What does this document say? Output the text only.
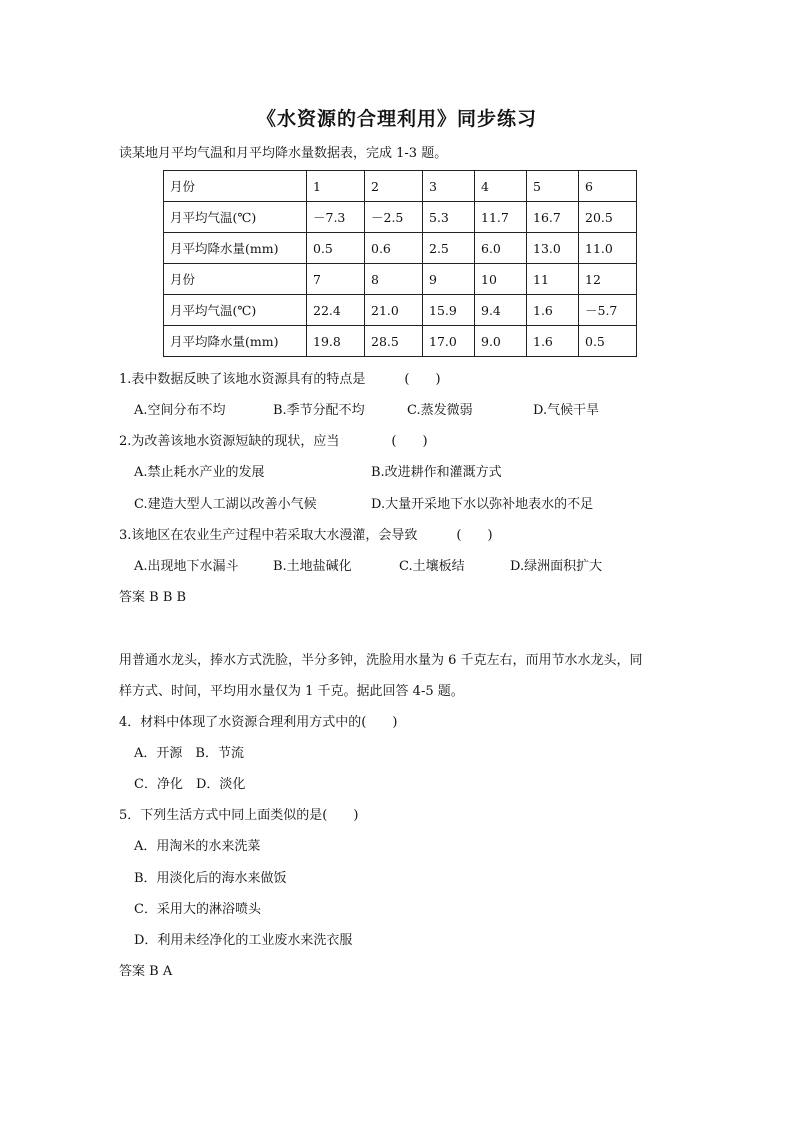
《水资源的合理利用》同步练习
读某地月平均气温和月平均降水量数据表，完成 1-3 题。
月份	1	2	3	4	5	6
月平均气温(℃)	－7.3	－2.5	5.3	11.7	16.7	20.5
月平均降水量(mm)	0.5	0.6	2.5	6.0	13.0	11.0
月份	7	8	9	10	11	12
月平均气温(℃)	22.4	21.0	15.9	9.4	1.6	－5.7
月平均降水量(mm)	19.8	28.5	17.0	9.0	1.6	0.5
1.表中数据反映了该地水资源具有的特点是　　　(　　)
A.空间分布不均	B.季节分配不均	C.蒸发微弱	D.气候干旱
2.为改善该地水资源短缺的现状，应当　　　　(　　)
A.禁止耗水产业的发展	B.改进耕作和灌溉方式
C.建造大型人工湖以改善小气候	D.大量开采地下水以弥补地表水的不足
3.该地区在农业生产过程中若采取大水漫灌，会导致　　　(　　)
A.出现地下水漏斗	B.土地盐碱化	C.土壤板结	D.绿洲面积扩大
答案 B B B
用普通水龙头，捧水方式洗脸，半分多钟，洗脸用水量为 6 千克左右，而用节水水龙头，同
样方式、时间，平均用水量仅为 1 千克。据此回答 4-5 题。
4．材料中体现了水资源合理利用方式中的(　　)
A．开源　B．节流
C．净化　D．淡化
5．下列生活方式中同上面类似的是(　　)
A．用淘米的水来洗菜
B．用淡化后的海水来做饭
C．采用大的淋浴喷头
D．利用未经净化的工业废水来洗衣服
答案 B A
